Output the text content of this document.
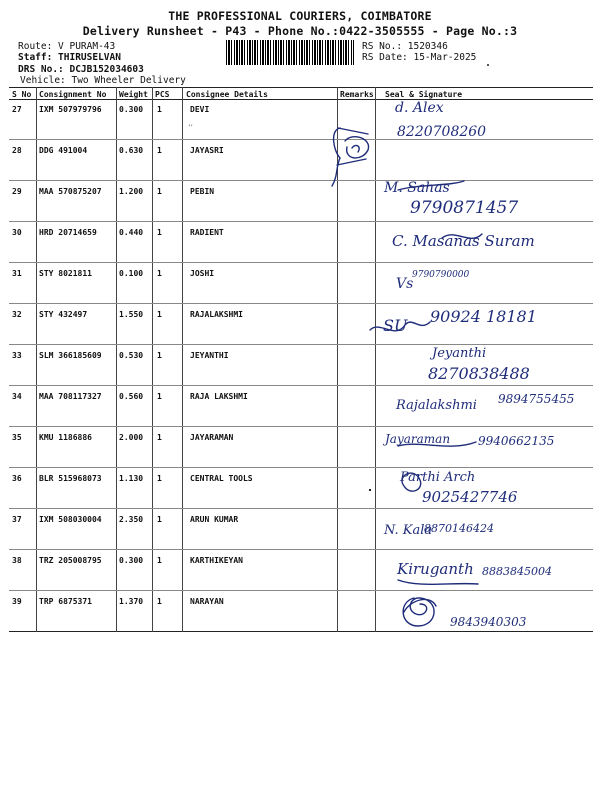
THE PROFESSIONAL COURIERS, COIMBATORE
Delivery Runsheet - P43 - Phone No.:0422-3505555 - Page No.:3
Route: V PURAM-43
Staff: THIRUSELVAN
DRS No.: DCJB152034603
Vehicle: Two Wheeler Delivery
RS No.: 1520346
RS Date: 15-Mar-2025
S No Consignment No Weight PCS Consignee Details	Remarks Seal & Signature
27 IXM 507979796 0.300 1	DEVI	d. Alex
8220708260
28 DDG 491004	0.630 1	JAYASRI
29 MAA 570875207 1.200 1	PEBIN	M. Sahas
9790871457
30 HRD 20714659	0.440 1	RADIENT	C. Masanas Suram
31 STY 8021811	0.100 1	JOSHI
Vs
9790790000
32 STY 432497	1.550 1	RAJALAKSHMI
SU 90924 18181
33 SLM 366185609 0.530 1	JEYANTHI	Jeyanthi
8270838488
34 MAA 708117327 0.560 1	RAJA LAKSHMI
Rajalakshmi 9894755455
35 KMU 1186886	2.000 1	JAYARAMAN	Jayaraman 9940662135
36 BLR 515968073 1.130 1	CENTRAL TOOLS	Parthi Arch
9025427746
37 IXM 508030004 2.350 1	ARUN KUMAR
N. Kala
8870146424
38 TRZ 205008795 0.300 1	KARTHIKEYAN	Kiruganth 8883845004
39 TRP 6875371	1.370 1	NARAYAN
9843940303
ʼʼ
